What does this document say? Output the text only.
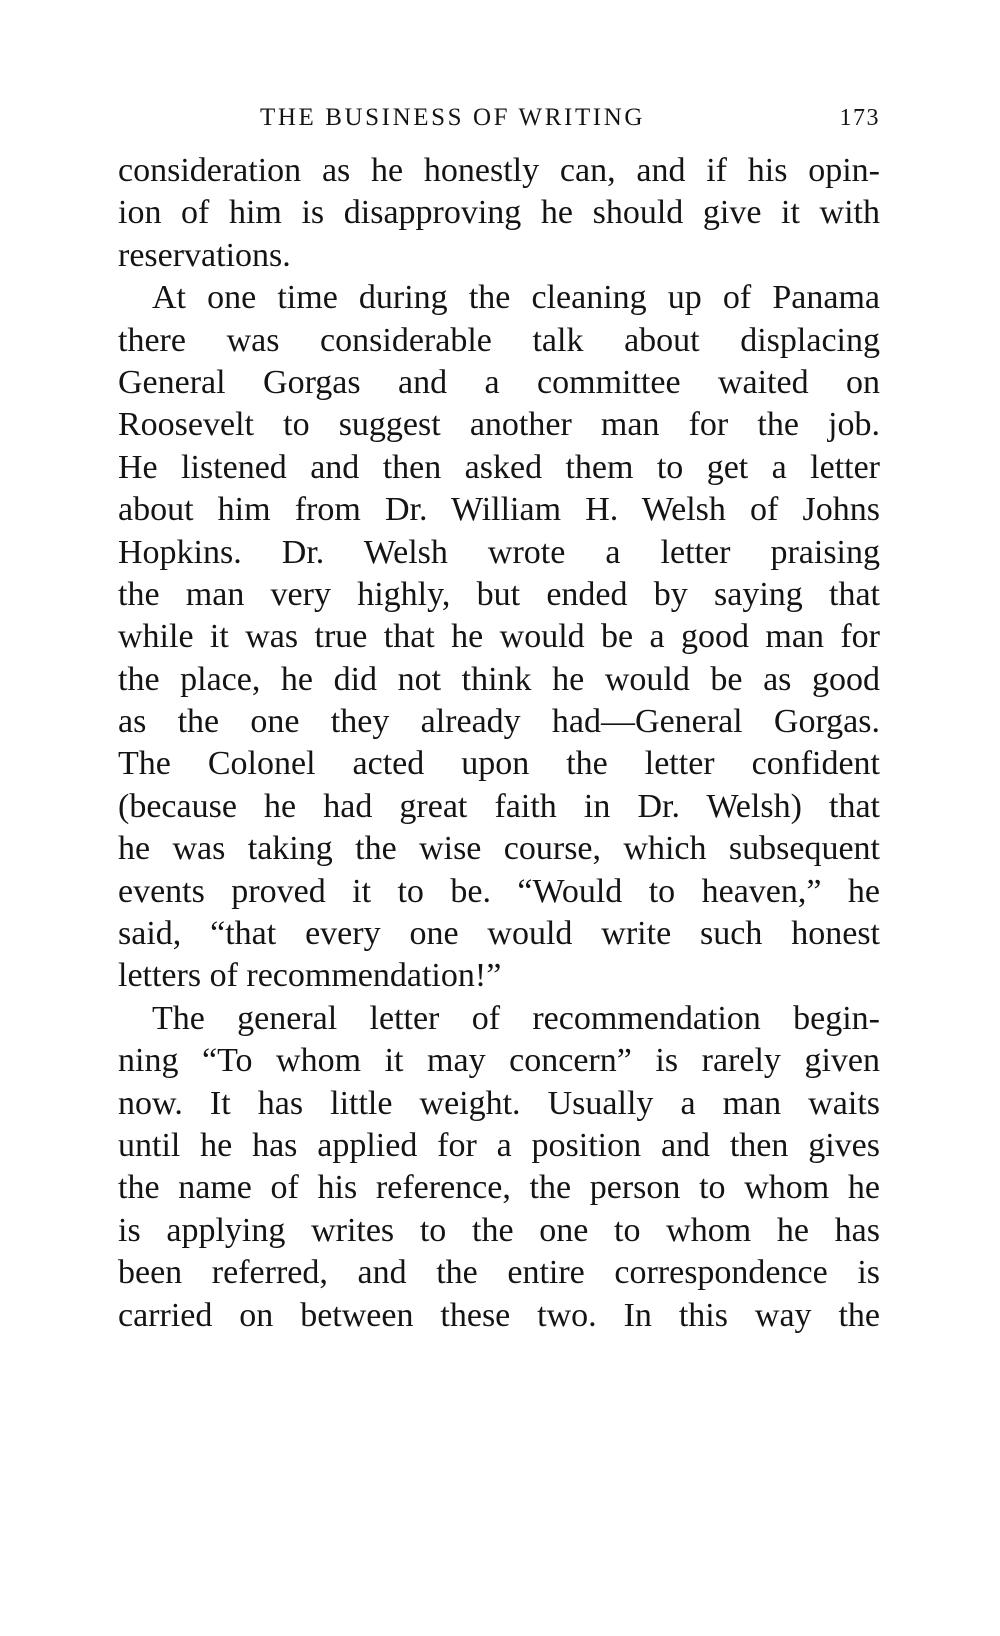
THE BUSINESS OF WRITING	173
consideration as he honestly can, and if his opin-
ion of him is disapproving he should give it with
reservations.
At one time during the cleaning up of Panama
there was considerable talk about displacing
General Gorgas and a committee waited on
Roosevelt to suggest another man for the job.
He listened and then asked them to get a letter
about him from Dr. William H. Welsh of Johns
Hopkins. Dr. Welsh wrote a letter praising
the man very highly, but ended by saying that
while it was true that he would be a good man for
the place, he did not think he would be as good
as the one they already had—General Gorgas.
The Colonel acted upon the letter confident
(because he had great faith in Dr. Welsh) that
he was taking the wise course, which subsequent
events proved it to be. “Would to heaven,” he
said, “that every one would write such honest
letters of recommendation!”
The general letter of recommendation begin-
ning “To whom it may concern” is rarely given
now. It has little weight. Usually a man waits
until he has applied for a position and then gives
the name of his reference, the person to whom he
is applying writes to the one to whom he has
been referred, and the entire correspondence is
carried on between these two. In this way the
